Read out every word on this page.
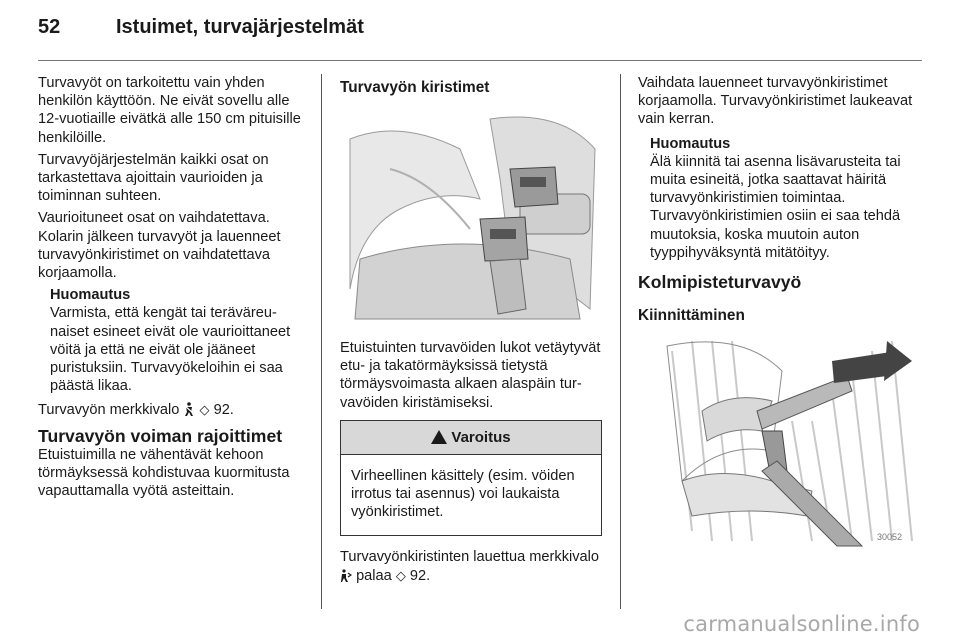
52	Istuimet, turvajärjestelmät

Turvavyöt on tarkoitettu vain yhden henkilön käyttöön. Ne eivät sovellu alle 12-vuotiaille eivätkä alle 150 cm pituisille henkilöille.

Turvavyöjärjestelmän kaikki osat on tarkastettava ajoittain vaurioiden ja toiminnan suhteen.

Vaurioituneet osat on vaihdatettava. Kolarin jälkeen turvavyöt ja lauenneet turvavyönkiristimet on vaihdatettava korjaamolla.

Huomautus
Varmista, että kengät tai teräväreunaiset esineet eivät ole vaurioittaneet vöitä ja että ne eivät ole jääneet puristuksiin. Turvavyökeloihin ei saa päästä likaa.

Turvavyön merkkivalo ◇ 92.

Turvavyön voiman rajoittimet

Etuistuimilla ne vähentävät kehoon törmäyksessä kohdistuvaa kuormitusta vapauttamalla vyötä asteittain.

Turvavyön kiristimet

Etuistuinten turvavöiden lukot vetäytyvät etu- ja takatörmäyksissä tietystä törmäysvoimasta alkaen alaspäin turvavöiden kiristämiseksi.

Varoitus
Virheellinen käsittely (esim. vöiden irrotus tai asennus) voi laukaista vyönkiristimet.

Turvavyönkiristinten lauettua merkkivalo  palaa ◇ 92.

Vaihdata lauenneet turvavyönkiristimet korjaamolla. Turvavyönkiristimet laukeavat vain kerran.

Huomautus
Älä kiinnitä tai asenna lisävarusteita tai muita esineitä, jotka saattavat häiritä turvavyönkiristimien toimintaa. Turvavyönkiristimien osiin ei saa tehdä muutoksia, koska muutoin auton tyyppihyväksyntä mitätöityy.
Kolmipisteturvavyö
Kiinnittäminen
30052
carmanualsonline.info
